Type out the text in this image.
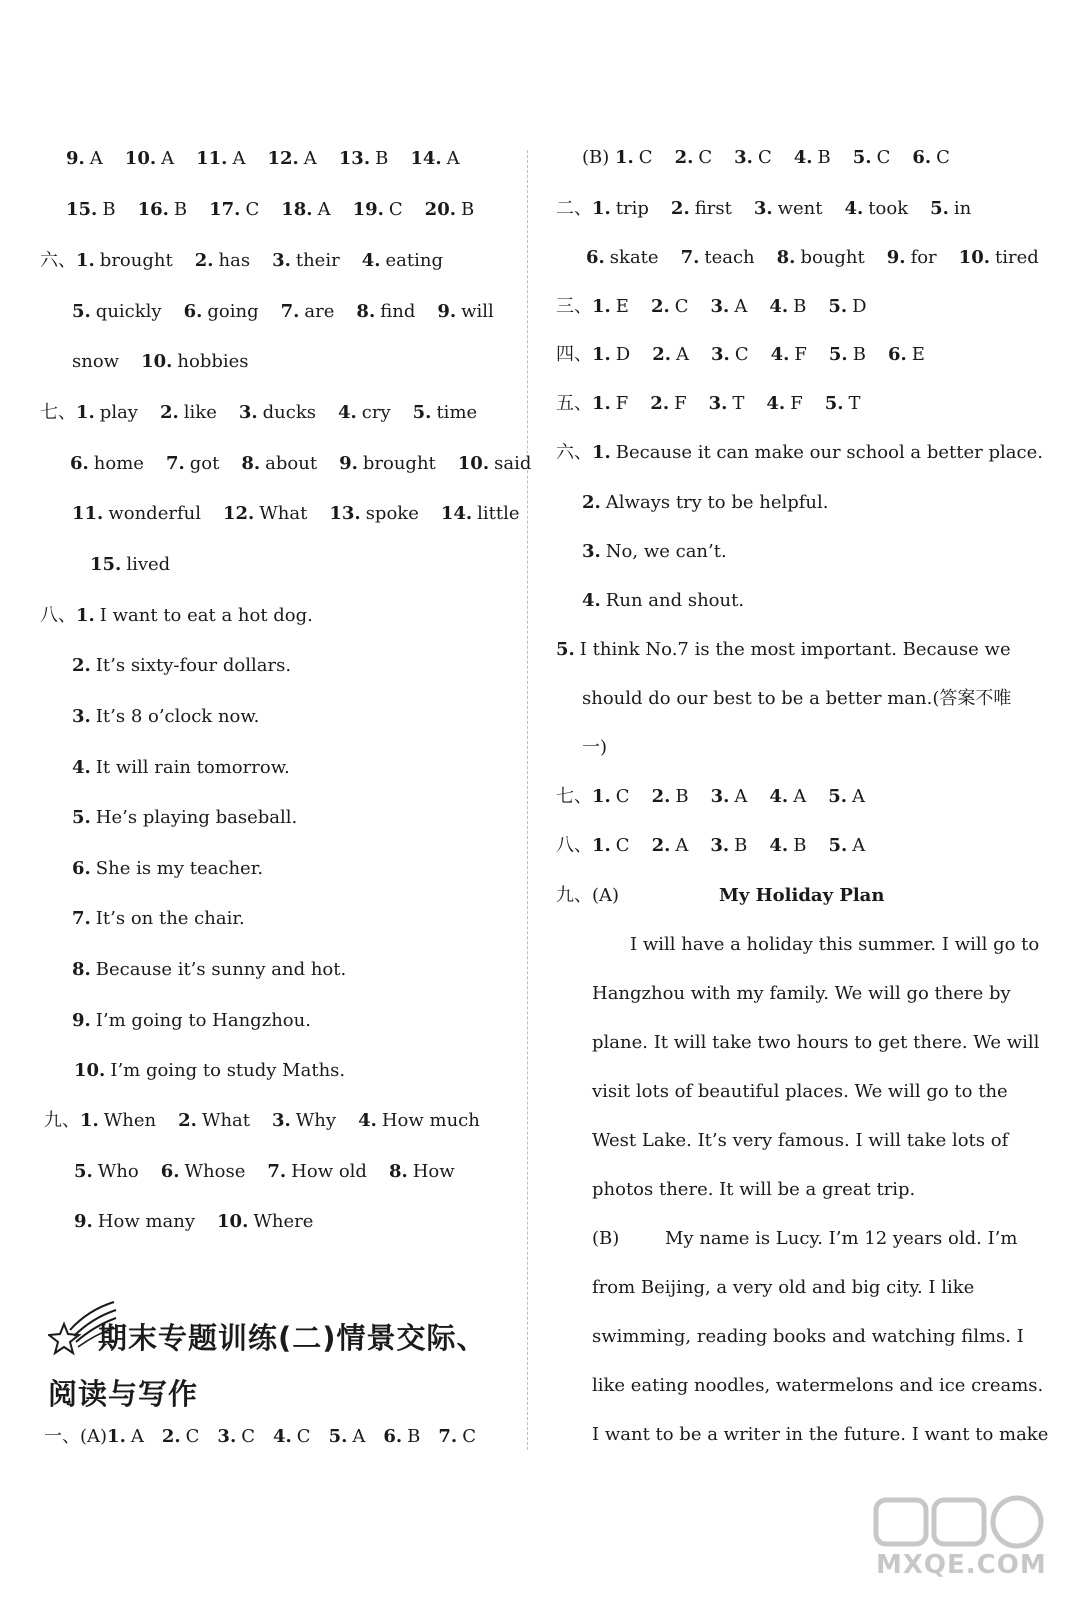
9. A 10. A 11. A 12. A 13. B 14. A
15. B 16. B 17. C 18. A 19. C 20. B
六、1. brought 2. has 3. their 4. eating
5. quickly 6. going 7. are 8. find 9. will
snow 10. hobbies
七、1. play 2. like 3. ducks 4. cry 5. time
6. home 7. got 8. about 9. brought 10. said
11. wonderful 12. What 13. spoke 14. little
15. lived
八、1. I want to eat a hot dog.
2. It’s sixty-four dollars.
3. It’s 8 o’clock now.
4. It will rain tomorrow.
5. He’s playing baseball.
6. She is my teacher.
7. It’s on the chair.
8. Because it’s sunny and hot.
9. I’m going to Hangzhou.
10. I’m going to study Maths.
九、1. When 2. What 3. Why 4. How much
5. Who 6. Whose 7. How old 8. How
9. How many 10. Where
一、(A)1. A 2. C 3. C 4. C 5. A 6. B 7. C
期末专题训练(二)情景交际、
阅读与写作
(B) 1. C 2. C 3. C 4. B 5. C 6. C
二、1. trip 2. first 3. went 4. took 5. in
6. skate 7. teach 8. bought 9. for 10. tired
三、1. E 2. C 3. A 4. B 5. D
四、1. D 2. A 3. C 4. F 5. B 6. E
五、1. F 2. F 3. T 4. F 5. T
六、1. Because it can make our school a better place.
2. Always try to be helpful.
3. No, we can’t.
4. Run and shout.
5. I think No.7 is the most important. Because we
should do our best to be a better man.(答案不唯
一)
七、1. C 2. B 3. A 4. A 5. A
八、1. C 2. A 3. B 4. B 5. A
九、(A)	My Holiday Plan
I will have a holiday this summer. I will go to
Hangzhou with my family. We will go there by
plane. It will take two hours to get there. We will
visit lots of beautiful places. We will go to the
West Lake. It’s very famous. I will take lots of
photos there. It will be a great trip.
(B)	My name is Lucy. I’m 12 years old. I’m
from Beijing, a very old and big city. I like
swimming, reading books and watching films. I
like eating noodles, watermelons and ice creams.
I want to be a writer in the future. I want to make
MXQE.COM
